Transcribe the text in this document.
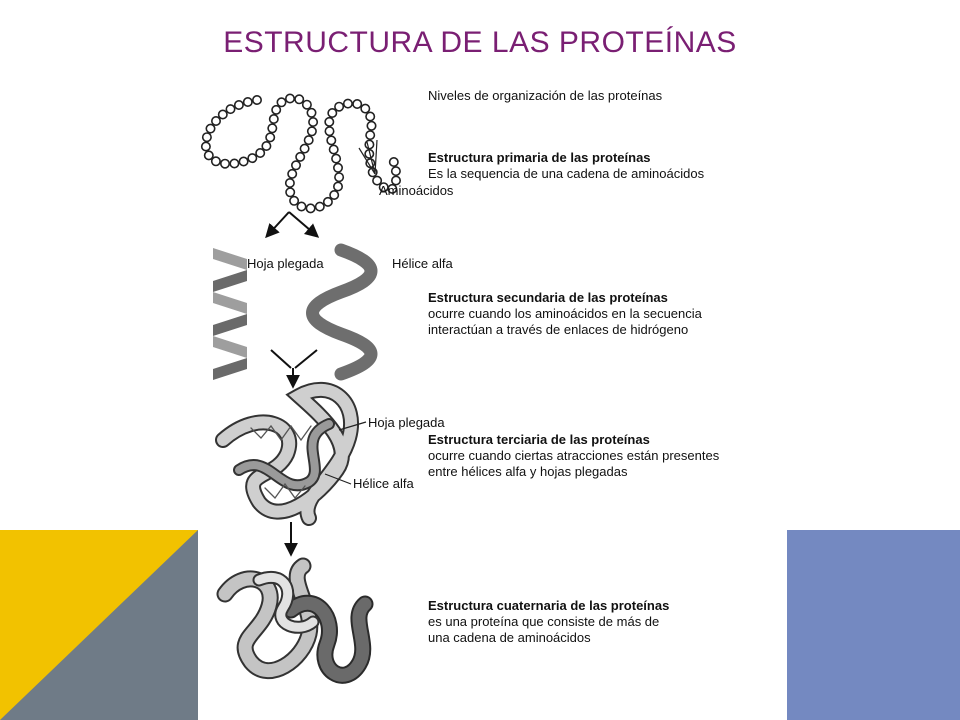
ESTRUCTURA DE LAS PROTEÍNAS
Niveles de organización de las proteínas
Estructura primaria de las proteínas
Es la sequencia de una cadena de aminoácidos
Aminoácidos
Hoja plegada	Hélice alfa
Estructura secundaria de las proteínas
ocurre cuando los aminoácidos en la secuencia
interactúan a través de enlaces de hidrógeno
Hoja plegada
Estructura terciaria de las proteínas
ocurre cuando ciertas atracciones están presentes
entre hélices alfa y hojas plegadas
Hélice alfa
Estructura cuaternaria de las proteínas
es una proteína que consiste de más de
una cadena de aminoácidos
